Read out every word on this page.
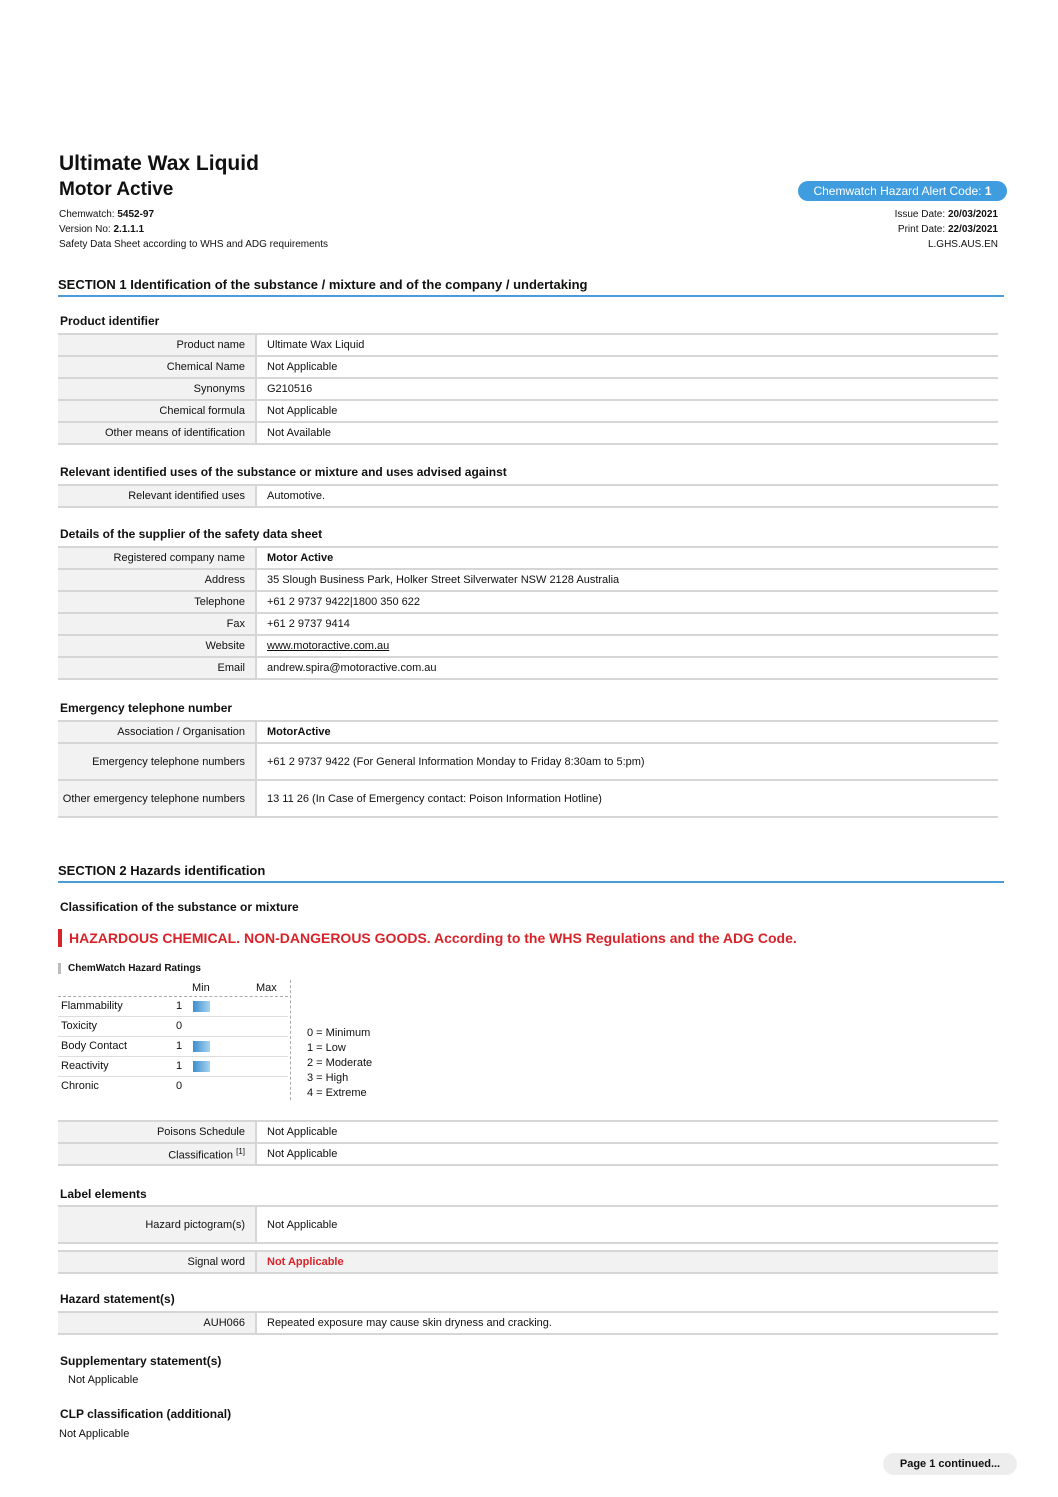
Ultimate Wax Liquid
Motor Active	Chemwatch Hazard Alert Code: 1
Chemwatch: 5452-97
Version No: 2.1.1.1
Safety Data Sheet according to WHS and ADG requirements
Issue Date: 20/03/2021
Print Date: 22/03/2021
L.GHS.AUS.EN
SECTION 1 Identification of the substance / mixture and of the company / undertaking
Product identifier
Product name	Ultimate Wax Liquid
Chemical Name	Not Applicable
Synonyms	G210516
Chemical formula	Not Applicable
Other means of identification	Not Available
Relevant identified uses of the substance or mixture and uses advised against
Relevant identified uses	Automotive.
Details of the supplier of the safety data sheet
Registered company name	Motor Active
Address	35 Slough Business Park, Holker Street Silverwater NSW 2128 Australia
Telephone	+61 2 9737 9422|1800 350 622
Fax	+61 2 9737 9414
Website	www.motoractive.com.au
Email	andrew.spira@motoractive.com.au
Emergency telephone number
Association / Organisation	MotorActive
Emergency telephone numbers	+61 2 9737 9422 (For General Information Monday to Friday 8:30am to 5:pm)
Other emergency telephone numbers	13 11 26 (In Case of Emergency contact: Poison Information Hotline)
SECTION 2 Hazards identification
Classification of the substance or mixture
HAZARDOUS CHEMICAL. NON-DANGEROUS GOODS. According to the WHS Regulations and the ADG Code.
ChemWatch Hazard Ratings
Min	Max
Flammability	1
Toxicity	0
Body Contact	1
Reactivity	1
Chronic	0
0 = Minimum
1 = Low
2 = Moderate
3 = High
4 = Extreme
Poisons Schedule	Not Applicable
Classification [1]	Not Applicable
Label elements
Hazard pictogram(s)	Not Applicable
Signal word	Not Applicable
Hazard statement(s)
AUH066	Repeated exposure may cause skin dryness and cracking.
Supplementary statement(s)
Not Applicable
CLP classification (additional)
Not Applicable
Page 1 continued...
